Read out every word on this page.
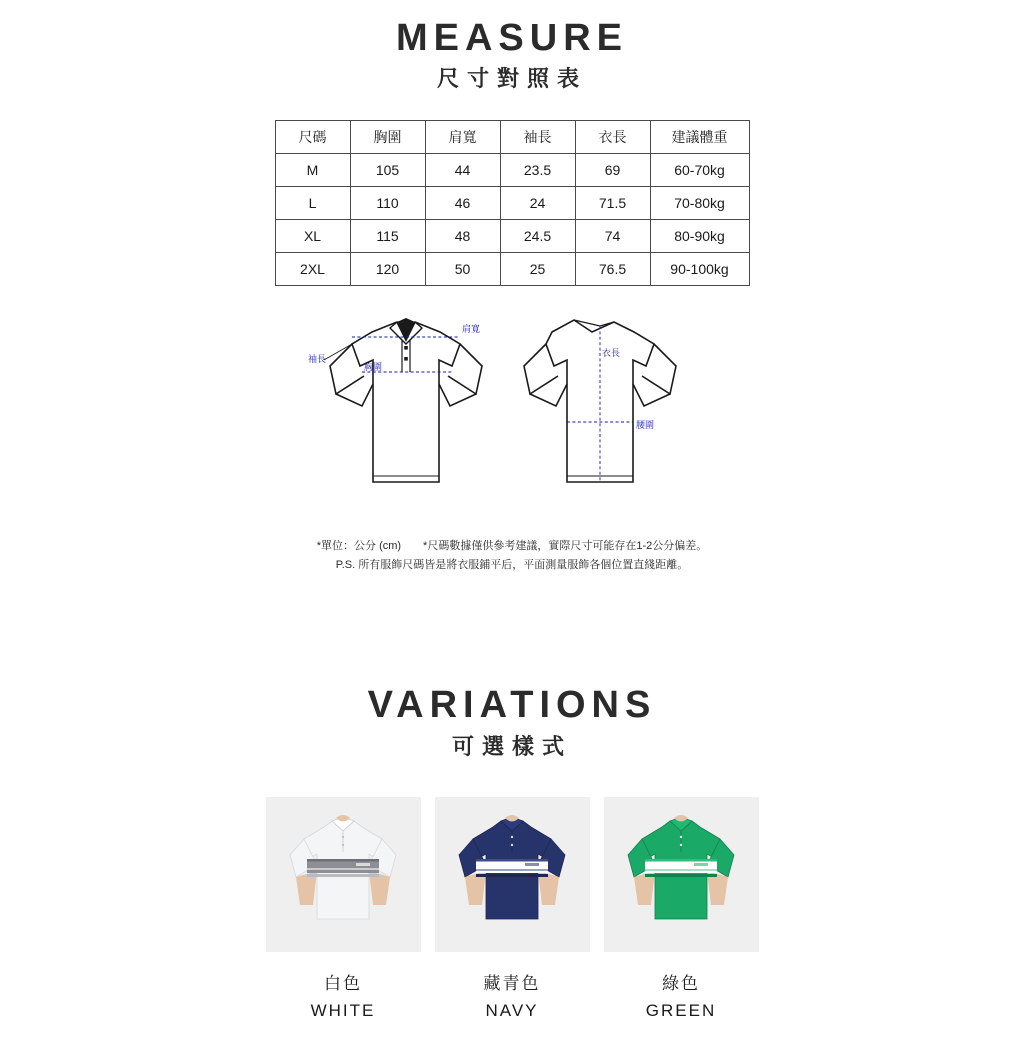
MEASURE
尺寸對照表
尺碼	胸圍	肩寬	袖長	衣長	建議體重
M	105	44	23.5	69	60-70kg
L	110	46	24	71.5	70-80kg
XL	115	48	24.5	74	80-90kg
2XL	120	50	25	76.5	90-100kg
袖長
胸圍
肩寬
衣長
腰圍
*單位：公分 (cm)　　*尺碼數據僅供參考建議，實際尺寸可能存在1-2公分偏差。
P.S. 所有服飾尺碼皆是將衣服鋪平后，平面測量服飾各個位置直綫距離。
VARIATIONS
可選樣式
白色
WHITE
藏青色
NAVY
綠色
GREEN
